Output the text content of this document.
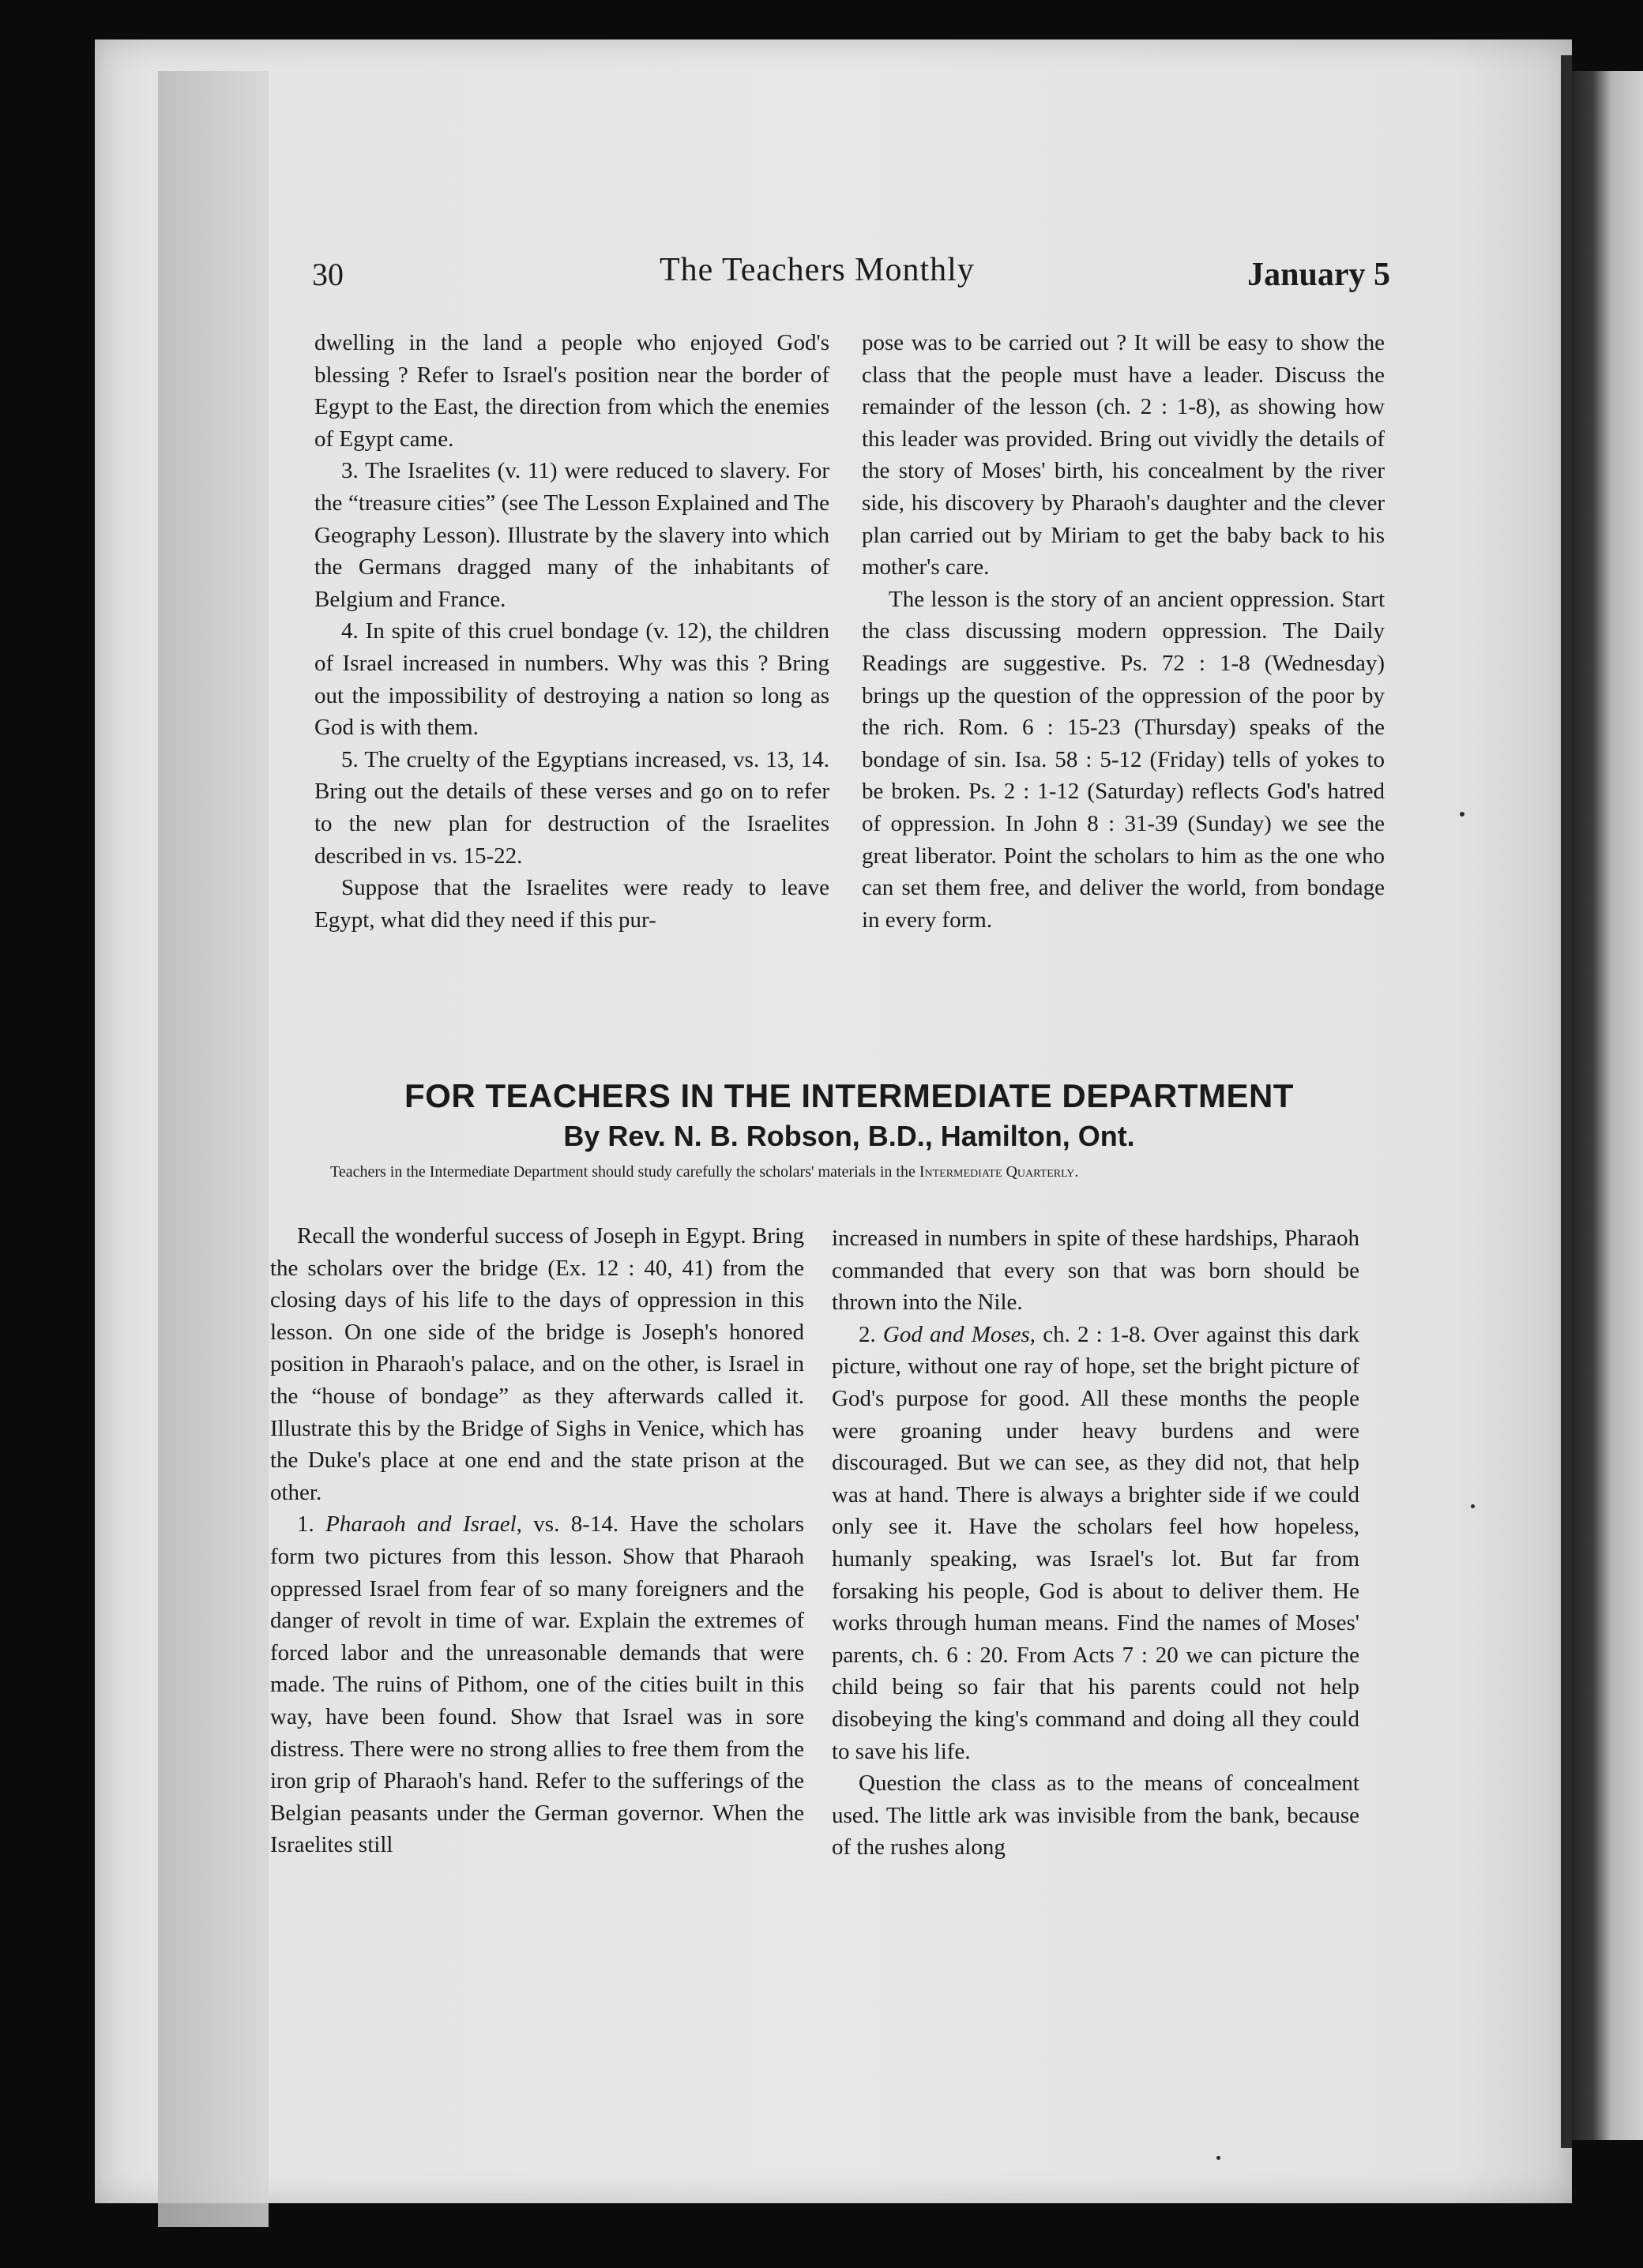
30	The Teachers Monthly	January 5

dwelling in the land a people who enjoyed God's blessing ? Refer to Israel's position near the border of Egypt to the East, the direction from which the enemies of Egypt came.

3. The Israelites (v. 11) were reduced to slavery. For the “treasure cities” (see The Lesson Explained and The Geography Lesson). Illustrate by the slavery into which the Germans dragged many of the inhabitants of Belgium and France.

4. In spite of this cruel bondage (v. 12), the children of Israel increased in numbers. Why was this ? Bring out the impossibility of destroying a nation so long as God is with them.

5. The cruelty of the Egyptians increased, vs. 13, 14. Bring out the details of these verses and go on to refer to the new plan for destruction of the Israelites described in vs. 15-22.

Suppose that the Israelites were ready to leave Egypt, what did they need if this pur-

pose was to be carried out ? It will be easy to show the class that the people must have a leader. Discuss the remainder of the lesson (ch. 2 : 1-8), as showing how this leader was provided. Bring out vividly the details of the story of Moses' birth, his concealment by the river side, his discovery by Pharaoh's daughter and the clever plan carried out by Miriam to get the baby back to his mother's care.

The lesson is the story of an ancient oppression. Start the class discussing modern oppression. The Daily Readings are suggestive. Ps. 72 : 1-8 (Wednesday) brings up the question of the oppression of the poor by the rich. Rom. 6 : 15-23 (Thursday) speaks of the bondage of sin. Isa. 58 : 5-12 (Friday) tells of yokes to be broken. Ps. 2 : 1-12 (Saturday) reflects God's hatred of oppression. In John 8 : 31-39 (Sunday) we see the great liberator. Point the scholars to him as the one who can set them free, and deliver the world, from bondage in every form.

FOR TEACHERS IN THE INTERMEDIATE DEPARTMENT
By Rev. N. B. Robson, B.D., Hamilton, Ont.
Teachers in the Intermediate Department should study carefully the scholars' materials in the Intermediate Quarterly.

Recall the wonderful success of Joseph in Egypt. Bring the scholars over the bridge (Ex. 12 : 40, 41) from the closing days of his life to the days of oppression in this lesson. On one side of the bridge is Joseph's honored position in Pharaoh's palace, and on the other, is Israel in the “house of bondage” as they afterwards called it. Illustrate this by the Bridge of Sighs in Venice, which has the Duke's place at one end and the state prison at the other.

1. Pharaoh and Israel, vs. 8-14. Have the scholars form two pictures from this lesson. Show that Pharaoh oppressed Israel from fear of so many foreigners and the danger of revolt in time of war. Explain the extremes of forced labor and the unreasonable demands that were made. The ruins of Pithom, one of the cities built in this way, have been found. Show that Israel was in sore distress. There were no strong allies to free them from the iron grip of Pharaoh's hand. Refer to the sufferings of the Belgian peasants under the German governor. When the Israelites still

increased in numbers in spite of these hardships, Pharaoh commanded that every son that was born should be thrown into the Nile.

2. God and Moses, ch. 2 : 1-8. Over against this dark picture, without one ray of hope, set the bright picture of God's purpose for good. All these months the people were groaning under heavy burdens and were discouraged. But we can see, as they did not, that help was at hand. There is always a brighter side if we could only see it. Have the scholars feel how hopeless, humanly speaking, was Israel's lot. But far from forsaking his people, God is about to deliver them. He works through human means. Find the names of Moses' parents, ch. 6 : 20. From Acts 7 : 20 we can picture the child being so fair that his parents could not help disobeying the king's command and doing all they could to save his life.

Question the class as to the means of concealment used. The little ark was invisible from the bank, because of the rushes along
